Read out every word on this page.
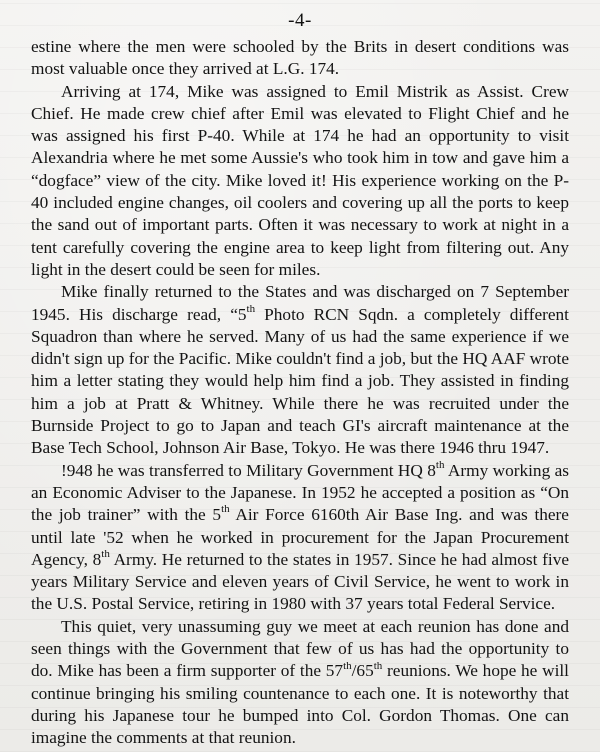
-4-

estine where the men were schooled by the Brits in desert conditions was most valuable once they arrived at L.G. 174.

Arriving at 174, Mike was assigned to Emil Mistrik as Assist. Crew Chief. He made crew chief after Emil was elevated to Flight Chief and he was assigned his first P-40. While at 174 he had an opportunity to visit Alexandria where he met some Aussie's who took him in tow and gave him a “dogface” view of the city. Mike loved it! His experience working on the P-40 included engine changes, oil coolers and covering up all the ports to keep the sand out of important parts. Often it was necessary to work at night in a tent carefully covering the engine area to keep light from filtering out. Any light in the desert could be seen for miles.

Mike finally returned to the States and was discharged on 7 September 1945. His discharge read, “5th Photo RCN Sqdn. a completely different Squadron than where he served. Many of us had the same experience if we didn't sign up for the Pacific. Mike couldn't find a job, but the HQ AAF wrote him a letter stating they would help him find a job. They assisted in finding him a job at Pratt & Whitney. While there he was recruited under the Burnside Project to go to Japan and teach GI's aircraft maintenance at the Base Tech School, Johnson Air Base, Tokyo. He was there 1946 thru 1947.

!948 he was transferred to Military Government HQ 8th Army working as an Economic Adviser to the Japanese. In 1952 he accepted a position as “On the job trainer” with the 5th Air Force 6160th Air Base Ing. and was there until late '52 when he worked in procurement for the Japan Procurement Agency, 8th Army. He returned to the states in 1957. Since he had almost five years Military Service and eleven years of Civil Service, he went to work in the U.S. Postal Service, retiring in 1980 with 37 years total Federal Service.

This quiet, very unassuming guy we meet at each reunion has done and seen things with the Government that few of us has had the opportunity to do. Mike has been a firm supporter of the 57th/65th reunions. We hope he will continue bringing his smiling countenance to each one. It is noteworthy that during his Japanese tour he bumped into Col. Gordon Thomas. One can imagine the comments at that reunion.
